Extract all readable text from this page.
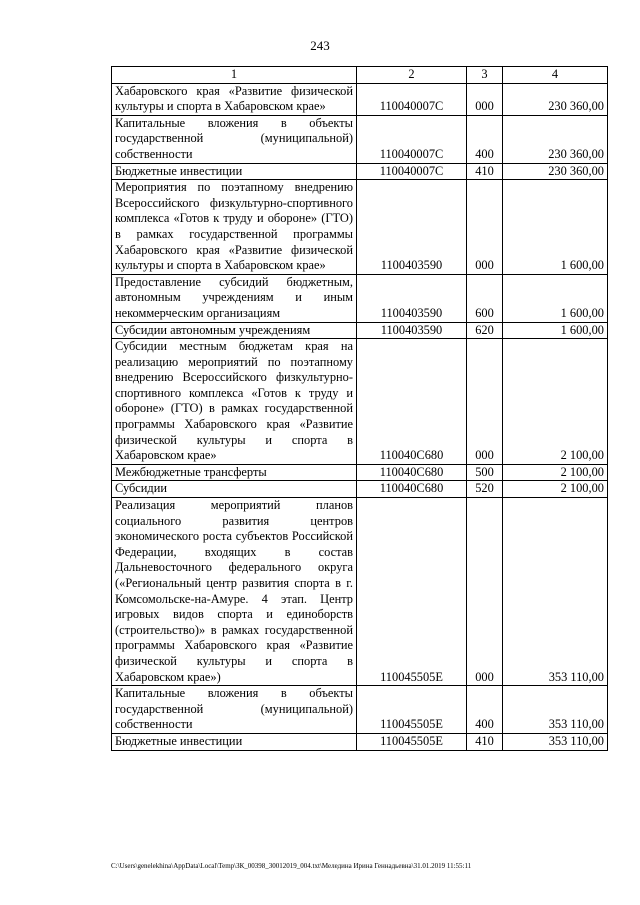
243
1	2	3	4
Хабаровского края «Развитие физической культуры и спорта в Хабаровском крае»	110040007С	000	230 360,00
Капитальные вложения в объекты государственной (муниципальной) собственности	110040007С	400	230 360,00
Бюджетные инвестиции	110040007С	410	230 360,00
Мероприятия по поэтапному внедрению Всероссийского физкультурно-спортивного комплекса «Готов к труду и обороне» (ГТО) в рамках государственной программы Хабаровского края «Развитие физической культуры и спорта в Хабаровском крае»	1100403590	000	1 600,00
Предоставление субсидий бюджетным, автономным учреждениям и иным некоммерческим организациям	1100403590	600	1 600,00
Субсидии автономным учреждениям	1100403590	620	1 600,00
Субсидии местным бюджетам края на реализацию мероприятий по поэтапному внедрению Всероссийского физкультурно-спортивного комплекса «Готов к труду и обороне» (ГТО) в рамках государственной программы Хабаровского края «Развитие физической культуры и спорта в Хабаровском крае»	110040С680	000	2 100,00
Межбюджетные трансферты	110040С680	500	2 100,00
Субсидии	110040С680	520	2 100,00
Реализация мероприятий планов социального развития центров экономического роста субъектов Российской Федерации, входящих в состав Дальневосточного федерального округа («Региональный центр развития спорта в г. Комсомольске-на-Амуре. 4 этап. Центр игровых видов спорта и единоборств (строительство)» в рамках государственной программы Хабаровского края «Развитие физической культуры и спорта в Хабаровском крае»)	110045505Е	000	353 110,00
Капитальные вложения в объекты государственной (муниципальной) собственности	110045505Е	400	353 110,00
Бюджетные инвестиции	110045505Е	410	353 110,00
C:\Users\genelekhina\AppData\Local\Temp\ЗК_00398_30012019_004.txt\Меледина Ирина Геннадьевна\31.01.2019 11:55:11
